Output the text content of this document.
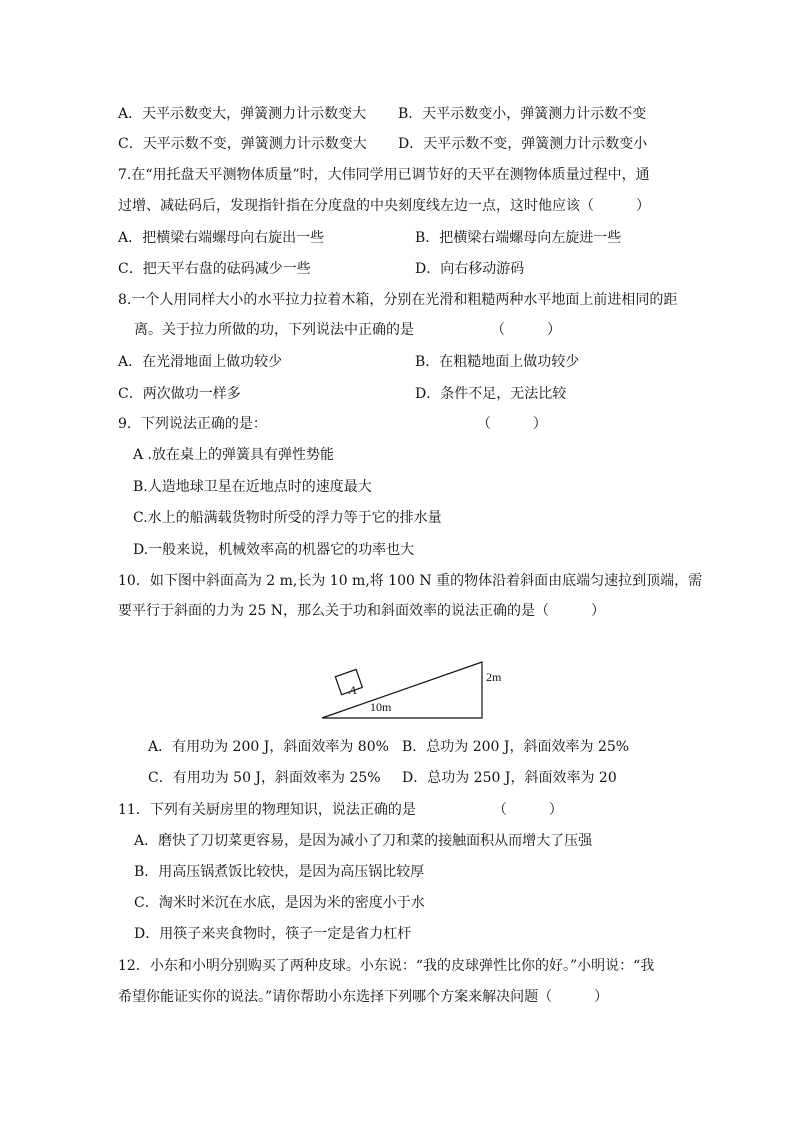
A．天平示数变大，弹簧测力计示数变大 B．天平示数变小，弹簧测力计示数不变
C．天平示数不变，弹簧测力计示数变大 D．天平示数不变，弹簧测力计示数变小
7.在“用托盘天平测物体质量”时，大伟同学用已调节好的天平在测物体质量过程中，通
过增、减砝码后，发现指针指在分度盘的中央刻度线左边一点，这时他应该（　　　）
A．把横梁右端螺母向右旋出一些	B．把横梁右端螺母向左旋进一些
C．把天平右盘的砝码减少一些	D．向右移动游码
8.一个人用同样大小的水平拉力拉着木箱，分别在光滑和粗糙两种水平地面上前进相同的距
离。关于拉力所做的功，下列说法中正确的是　　　　　　（　　　）
A．在光滑地面上做功较少	B．在粗糙地面上做功较少
C．两次做功一样多	D．条件不足，无法比较
9．下列说法正确的是：　　　　　　　　　　　　　　　　（　　　）
A .放在桌上的弹簧具有弹性势能
B.人造地球卫星在近地点时的速度最大
C.水上的船满载货物时所受的浮力等于它的排水量
D.一般来说，机械效率高的机器它的功率也大
10．如下图中斜面高为 2 m,长为 10 m,将 100 N 重的物体沿着斜面由底端匀速拉到顶端，需
要平行于斜面的力为 25 N，那么关于功和斜面效率的说法正确的是（　　　）
A
10m
2m
A．有用功为 200 J，斜面效率为 80% B．总功为 200 J，斜面效率为 25%
C．有用功为 50 J，斜面效率为 25% D．总功为 250 J，斜面效率为 20
11．下列有关厨房里的物理知识，说法正确的是　　　　　　（　　　）
A．磨快了刀切菜更容易，是因为减小了刀和菜的接触面积从而增大了压强
B．用高压锅煮饭比较快，是因为高压锅比较厚
C．淘米时米沉在水底，是因为米的密度小于水
D．用筷子来夹食物时，筷子一定是省力杠杆
12．小东和小明分别购买了两种皮球。小东说：“我的皮球弹性比你的好。”小明说：“我
希望你能证实你的说法。”请你帮助小东选择下列哪个方案来解决问题（　　　）
